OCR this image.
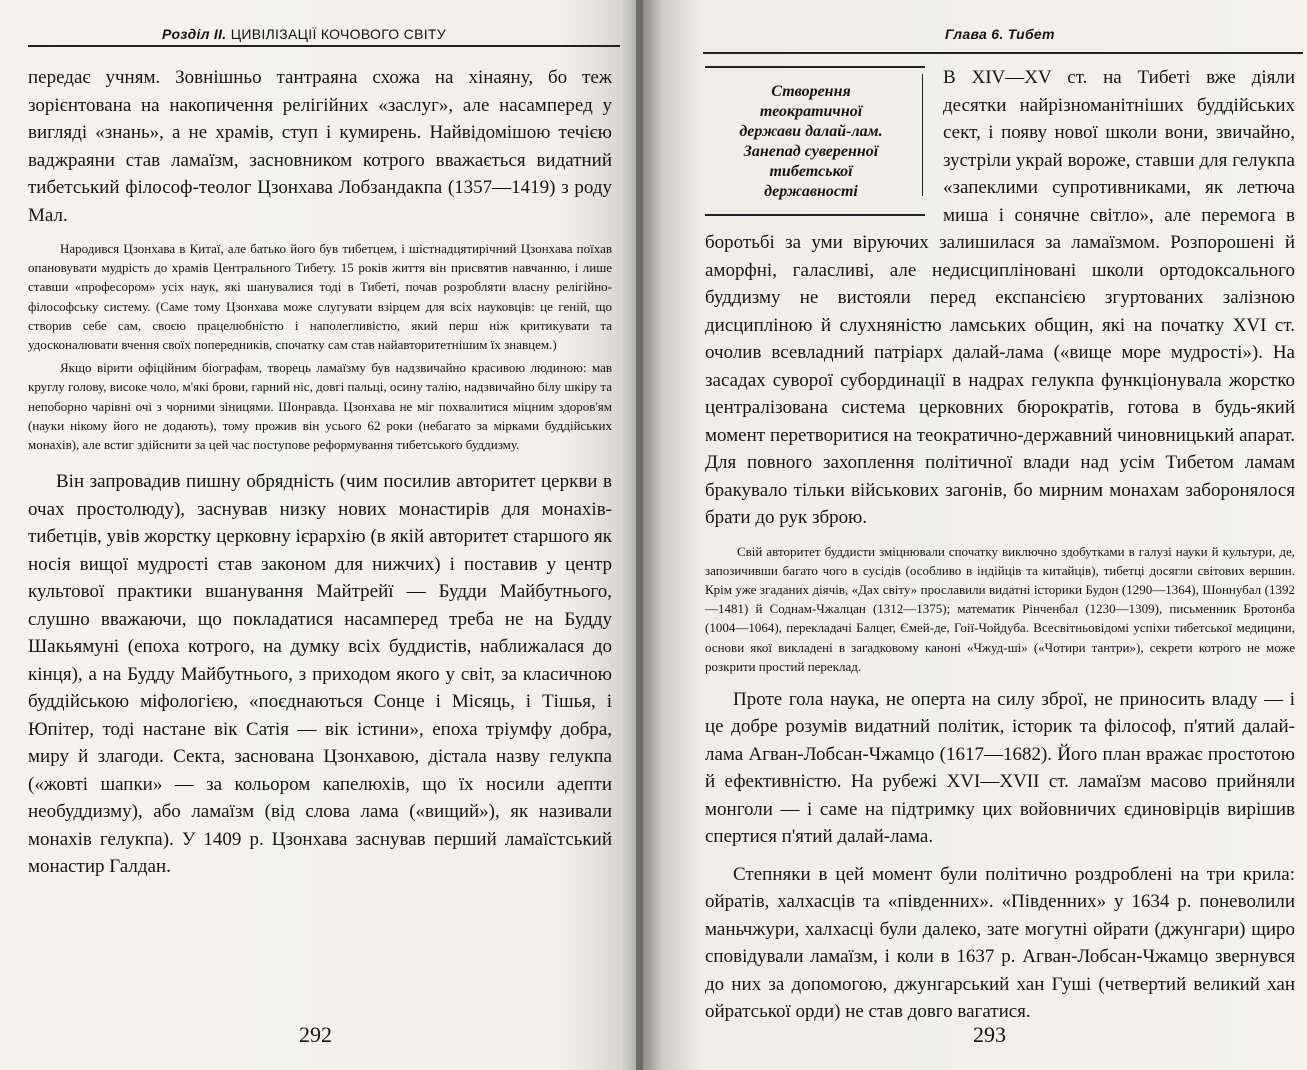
Розділ II. ЦИВІЛІЗАЦІЇ КОЧОВОГО СВІТУ

передає учням. Зовнішньо тантраяна схожа на хінаяну, бо теж зорієнтована на накопичення релігійних «заслуг», але насамперед у вигляді «знань», а не храмів, ступ і кумирень. Найвідомішою течією ваджраяни став ламаїзм, засновником котрого вважається видатний тибетський філософ-теолог Цзонхава Лобзандакпа (1357—1419) з роду Мал.

Народився Цзонхава в Китаї, але батько його був тибетцем, і шістнадцятирічний Цзонхава поїхав опановувати мудрість до храмів Центрального Тибету. 15 років життя він присвятив навчанню, і лише ставши «професором» усіх наук, які шанувалися тоді в Тибеті, почав розробляти власну релігійно-філософську систему. (Саме тому Цзонхава може слугувати взірцем для всіх науковців: це геній, що створив себе сам, своєю працелюбністю і наполегливістю, який перш ніж критикувати та удосконалювати вчення своїх попередників, спочатку сам став найавторитетнішим їх знавцем.)

Якщо вірити офіційним біографам, творець ламаїзму був надзвичайно красивою людиною: мав круглу голову, високе чоло, м'які брови, гарний ніс, довгі пальці, осину талію, надзвичайно білу шкіру та непоборно чарівні очі з чорними зіницями. Шонравда. Цзонхава не міг похвалитися міцним здоров'ям (науки нікому його не додають), тому прожив він усього 62 роки (небагато за мірками буддійських монахів), але встиг здійснити за цей час поступове реформування тибетського буддизму.

Він запровадив пишну обрядність (чим посилив авторитет церкви в очах простолюду), заснував низку нових монастирів для монахів-тибетців, увів жорстку церковну ієрархію (в якій авторитет старшого як носія вищої мудрості став законом для нижчих) і поставив у центр культової практики вшанування Майтрейї — Будди Майбутнього, слушно вважаючи, що покладатися насамперед треба не на Будду Шакьямуні (епоха котрого, на думку всіх буддистів, наближалася до кінця), а на Будду Майбутнього, з приходом якого у світ, за класичною буддійською міфологією, «поєднаються Сонце і Місяць, і Тішья, і Юпітер, тоді настане вік Сатія — вік істини», епоха тріумфу добра, миру й злагоди. Секта, заснована Цзонхавою, дістала назву гелукпа («жовті шапки» — за кольором капелюхів, що їх носили адепти необуддизму), або ламаїзм (від слова лама («вищий»), як називали монахів гелукпа). У 1409 р. Цзонхава заснував перший ламаїстський монастир Галдан.

292
Глава 6. Тибет
Створення
теократичної
держави далай-лам.
Занепад суверенної
тибетської
державності

В XIV—XV ст. на Тибеті вже діяли десятки найрізноманітніших буддійських сект, і появу нової школи вони, звичайно, зустріли украй вороже, ставши для гелукпа «запеклими супротивниками, як летюча миша і сонячне світло», але перемога в боротьбі за уми віруючих залишилася за ламаїзмом. Розпорошені й аморфні, галасливі, але недисципліновані школи ортодоксального буддизму не вистояли перед експансією згуртованих залізною дисципліною й слухняністю ламських общин, які на початку XVI ст. очолив всевладний патріарх далай-лама («вище море мудрості»). На засадах суворої субординації в надрах гелукпа функціонувала жорстко централізована система церковних бюрократів, готова в будь-який момент перетворитися на теократично-державний чиновницький апарат. Для повного захоплення політичної влади над усім Тибетом ламам бракувало тільки військових загонів, бо мирним монахам заборонялося брати до рук зброю.

Свій авторитет буддисти зміцнювали спочатку виключно здобутками в галузі науки й культури, де, запозичивши багато чого в сусідів (особливо в індійців та китайців), тибетці досягли світових вершин. Крім уже згаданих діячів, «Дах світу» прославили видатні історики Будон (1290—1364), Шоннубал (1392—1481) й Соднам-Чжалцан (1312—1375); математик Рінченбал (1230—1309), письменник Бротонба (1004—1064), перекладачі Балцег, Ємей-де, Гоії-Чойдуба. Всесвітньовідомі успіхи тибетської медицини, основи якої викладені в загадковому каноні «Чжуд-ші» («Чотири тантри»), секрети котрого не може розкрити простий переклад.

Проте гола наука, не оперта на силу зброї, не приносить владу — і це добре розумів видатний політик, історик та філософ, п'ятий далай-лама Агван-Лобсан-Чжамцо (1617—1682). Його план вражає простотою й ефективністю. На рубежі XVI—XVII ст. ламаїзм масово прийняли монголи — і саме на підтримку цих войовничих єдиновірців вирішив спертися п'ятий далай-лама.

Степняки в цей момент були політично роздроблені на три крила: ойратів, халхасців та «південних». «Південних» у 1634 р. поневолили маньчжури, халхасці були далеко, зате могутні ойрати (джунгари) щиро сповідували ламаїзм, і коли в 1637 р. Агван-Лобсан-Чжамцо звернувся до них за допомогою, джунгарський хан Гуші (четвертий великий хан ойратської орди) не став довго вагатися.

293
